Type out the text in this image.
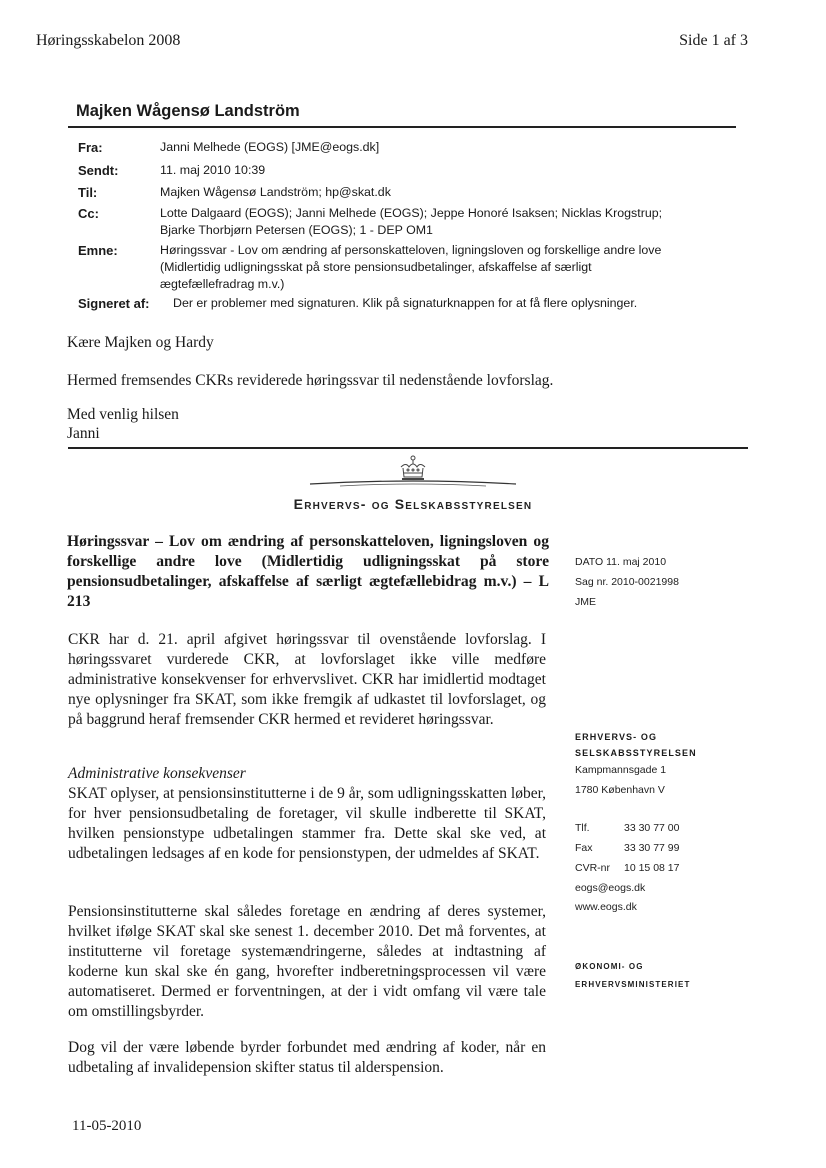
Høringsskabelon 2008	Side 1 af 3
Majken Wågensø Landström
Fra:	Janni Melhede (EOGS) [JME@eogs.dk]
Sendt:	11. maj 2010 10:39
Til:	Majken Wågensø Landström; hp@skat.dk
Cc:	Lotte Dalgaard (EOGS); Janni Melhede (EOGS); Jeppe Honoré Isaksen; Nicklas Krogstrup;
Bjarke Thorbjørn Petersen (EOGS); 1 - DEP OM1
Emne:	Høringssvar - Lov om ændring af personskatteloven, ligningsloven og forskellige andre love
(Midlertidig udligningsskat på store pensionsudbetalinger, afskaffelse af særligt
ægtefællefradrag m.v.)
Signeret af: Der er problemer med signaturen. Klik på signaturknappen for at få flere oplysninger.
Kære Majken og Hardy
Hermed fremsendes CKRs reviderede høringssvar til nedenstående lovforslag.
Med venlig hilsen
Janni
Erhvervs- og Selskabsstyrelsen
Høringssvar – Lov om ændring af personskatteloven, ligningsloven og forskellige andre love (Midlertidig udligningsskat på store pensionsudbetalinger, afskaffelse af særligt ægtefællebidrag m.v.) – L 213
DATO 11. maj 2010
Sag nr. 2010-0021998
JME
CKR har d. 21. april afgivet høringssvar til ovenstående lovforslag. I høringssvaret vurderede CKR, at lovforslaget ikke ville medføre administrative konsekvenser for erhvervslivet. CKR har imidlertid modtaget nye oplysninger fra SKAT, som ikke fremgik af udkastet til lovforslaget, og på baggrund heraf fremsender CKR hermed et revideret høringssvar.
Administrative konsekvenser
SKAT oplyser, at pensionsinstitutterne i de 9 år, som udligningsskatten løber, for hver pensionsudbetaling de foretager, vil skulle indberette til SKAT, hvilken pensionstype udbetalingen stammer fra. Dette skal ske ved, at udbetalingen ledsages af en kode for pensionstypen, der udmeldes af SKAT.
Pensionsinstitutterne skal således foretage en ændring af deres systemer, hvilket ifølge SKAT skal ske senest 1. december 2010. Det må forventes, at institutterne vil foretage systemændringerne, således at indtastning af koderne kun skal ske én gang, hvorefter indberetningsprocessen vil være automatiseret. Dermed er forventningen, at der i vidt omfang vil være tale om omstillingsbyrder.
Dog vil der være løbende byrder forbundet med ændring af koder, når en udbetaling af invalidepension skifter status til alderspension.
ERHVERVS- OG
SELSKABSSTYRELSEN
Kampmannsgade 1
1780 København V
Tlf.	33 30 77 00
Fax	33 30 77 99
CVR-nr 10 15 08 17
eogs@eogs.dk
www.eogs.dk
ØKONOMI- OG
ERHVERVSMINISTERIET
11-05-2010
